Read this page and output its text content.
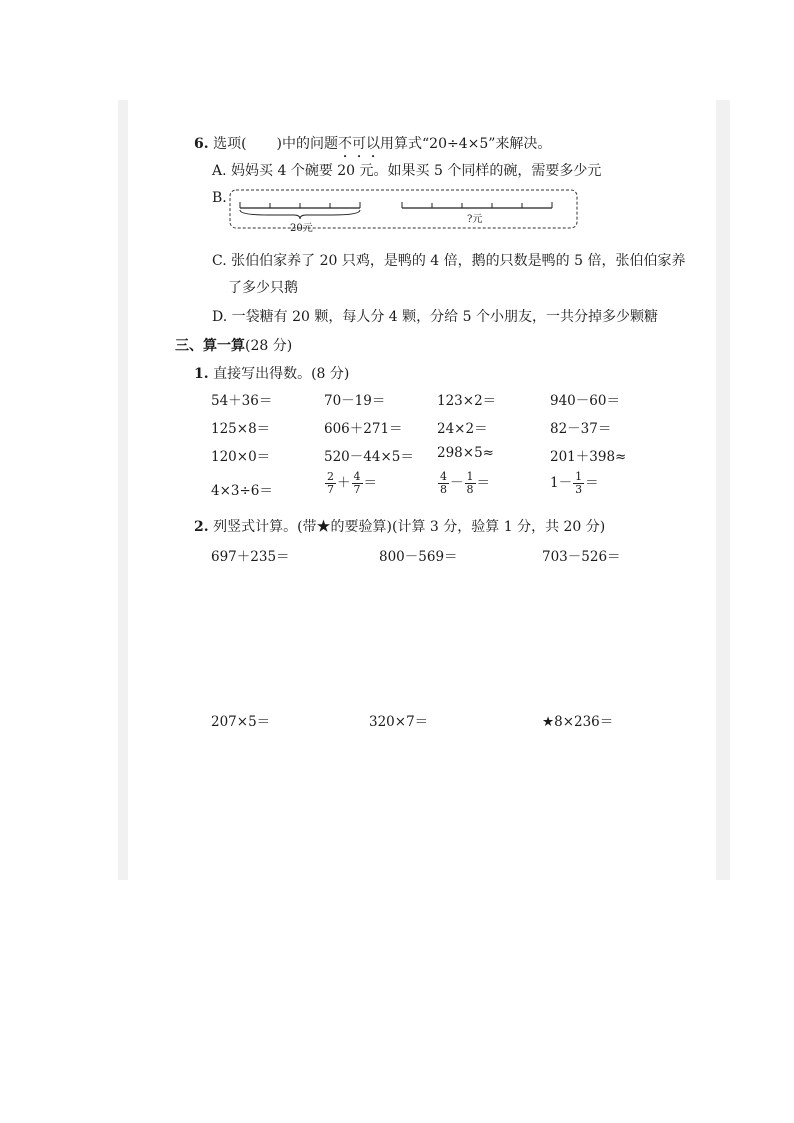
6. 选项( )中的问题不可以用算式“20÷4×5”来解决。
A. 妈妈买 4 个碗要 20 元。如果买 5 个同样的碗，需要多少元
B.
20元
?元
C. 张伯伯家养了 20 只鸡，是鸭的 4 倍，鹅的只数是鸭的 5 倍，张伯伯家养
了多少只鹅
D. 一袋糖有 20 颗，每人分 4 颗，分给 5 个小朋友，一共分掉多少颗糖
三、算一算(28 分)
1. 直接写出得数。(8 分)
54＋36＝	70－19＝	123×2＝	940－60＝
125×8＝	606＋271＝	24×2＝	82－37＝
120×0＝	520－44×5＝ 298×5≈	201＋398≈
4×3÷6＝	$\frac{2}{7} + \frac{4}{7}$ ＝	$\frac{4}{8} - \frac{1}{8}$ ＝	$1- \frac{1}{3}$ ＝
2. 列竖式计算。(带★的要验算)(计算 3 分，验算 1 分，共 20 分)
697＋235＝	800－569＝	703－526＝
207×5＝	320×7＝	★8×236＝
